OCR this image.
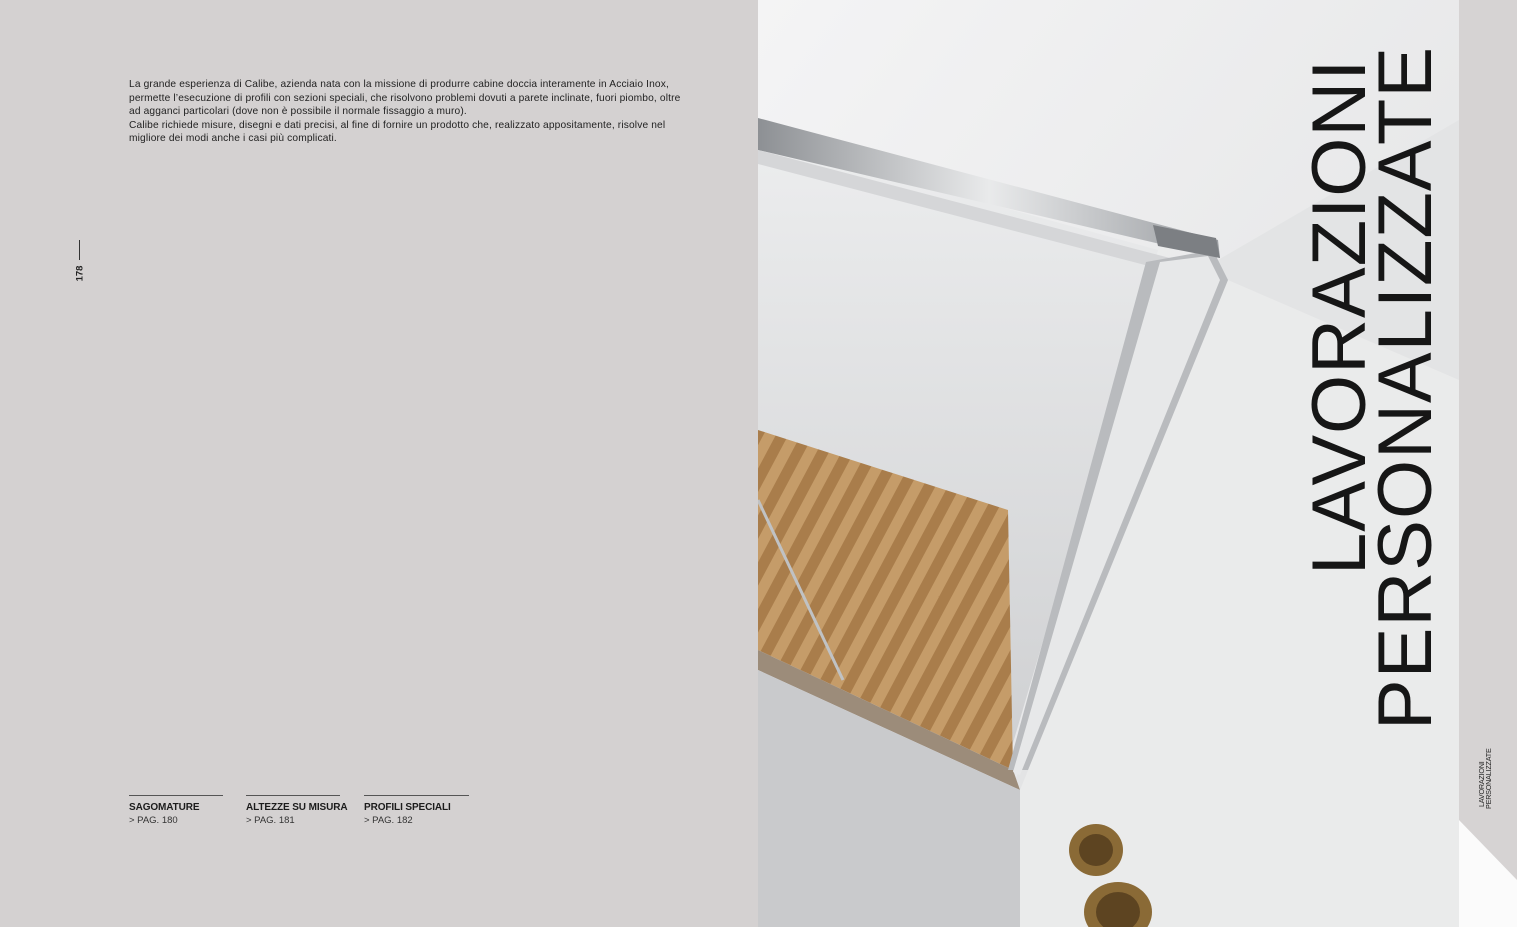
La grande esperienza di Calibe, azienda nata con la missione di produrre cabine doccia interamente in Acciaio Inox, permette l’esecuzione di profili con sezioni speciali, che risolvono problemi dovuti a parete inclinate, fuori piombo, oltre ad agganci particolari (dove non è possibile il normale fissaggio a muro).

Calibe richiede misure, disegni e dati precisi, al fine di fornire un prodotto che, realizzato appositamente, risolve nel migliore dei modi anche i casi più complicati.

178
SAGOMATURE
> PAG. 180
ALTEZZE SU MISURA
> PAG. 181
PROFILI SPECIALI
> PAG. 182
LAVORAZIONI
PERSONALIZZATE
LAVORAZIONI
PERSONALIZZATE
